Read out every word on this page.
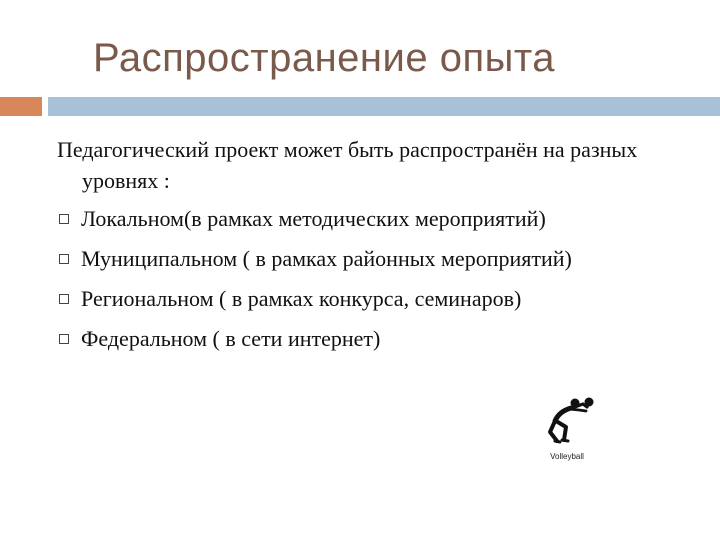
Распространение опыта

Педагогический проект может быть распространён на разных уровнях :

Локальном(в рамках методических мероприятий)
Муниципальном ( в рамках районных мероприятий)
Региональном ( в рамках конкурса, семинаров)
Федеральном ( в сети интернет)
Volleyball
